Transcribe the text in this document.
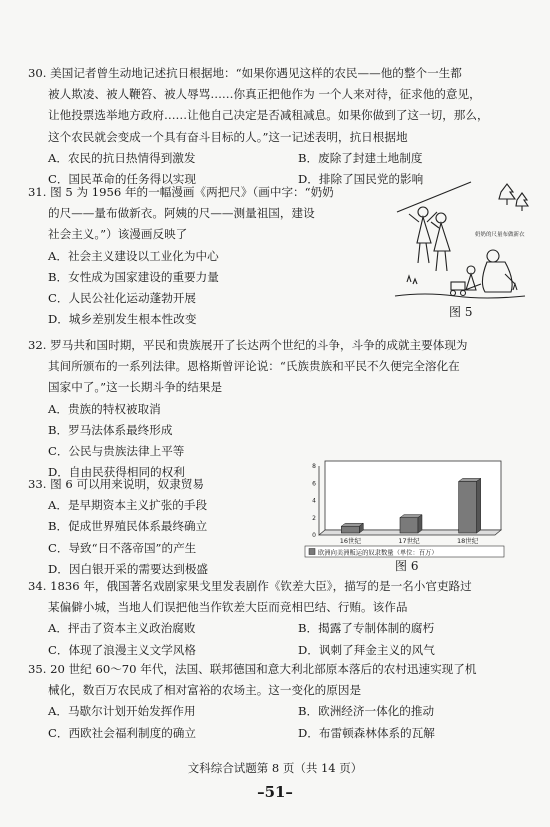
30. 美国记者曾生动地记述抗日根据地：“如果你遇见这样的农民——他的整个一生都

被人欺凌、被人鞭笞、被人辱骂……你真正把他作为 一个人来对待，征求他的意见，
让他投票选举地方政府……让他自己决定是否减租减息。如果你做到了这一切，那么，
这个农民就会变成一个具有奋斗目标的人。”这一记述表明，抗日根据地
A．农民的抗日热情得到激发	B．废除了封建土地制度
C．国民革命的任务得以实现	D．排除了国民党的影响
31. 图 5 为 1956 年的一幅漫画《两把尺》（画中字：“奶奶

的尺——量布做新衣。阿姨的尺——测量祖国，建设
社会主义。”）该漫画反映了
A．社会主义建设以工业化为中心
B．女性成为国家建设的重要力量
C．人民公社化运动蓬勃开展
D．城乡差别发生根本性改变
奶奶的尺量布做新衣
图 5
32. 罗马共和国时期，平民和贵族展开了长达两个世纪的斗争，斗争的成就主要体现为

其间所颁布的一系列法律。恩格斯曾评论说：“氏族贵族和平民不久便完全溶化在
国家中了。”这一长期斗争的结果是
A．贵族的特权被取消
B．罗马法体系最终形成
C．公民与贵族法律上平等
D．自由民获得相同的权利
33. 图 6 可以用来说明，奴隶贸易
A．是早期资本主义扩张的手段
B．促成世界殖民体系最终确立
C．导致“日不落帝国”的产生
D．因白银开采的需要达到极盛
0
2
4
6
8
16世纪	17世纪	18世纪
欧洲向美洲贩运的奴隶数量（单位：百万）
图 6
34. 1836 年，俄国著名戏剧家果戈里发表剧作《钦差大臣》，描写的是一名小官吏路过

某偏僻小城，当地人们误把他当作钦差大臣而竞相巴结、行贿。该作品
A．抨击了资本主义政治腐败	B．揭露了专制体制的腐朽
C．体现了浪漫主义文学风格	D．讽刺了拜金主义的风气
35. 20 世纪 60～70 年代，法国、联邦德国和意大利北部原本落后的农村迅速实现了机

械化，数百万农民成了相对富裕的农场主。这一变化的原因是
A．马歇尔计划开始发挥作用	B．欧洲经济一体化的推动
C．西欧社会福利制度的确立	D．布雷顿森林体系的瓦解
文科综合试题第 8 页（共 14 页）
–51–
